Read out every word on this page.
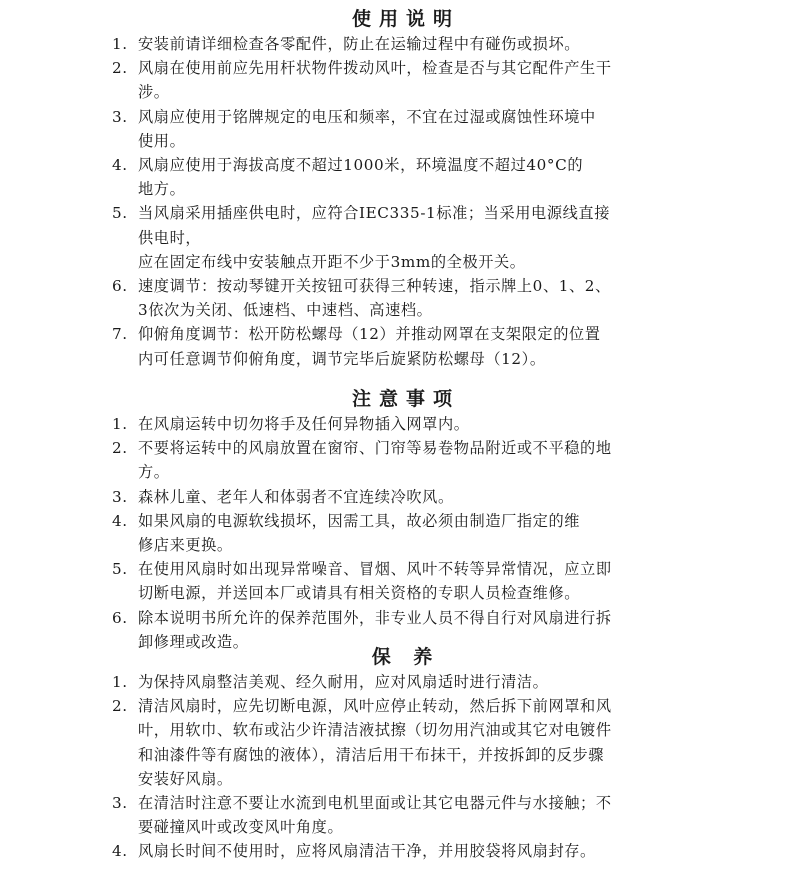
使用说明
1. 安装前请详细检查各零配件，防止在运输过程中有碰伤或损坏。
2. 风扇在使用前应先用杆状物件拨动风叶，检查是否与其它配件产生干
涉。
3. 风扇应使用于铭牌规定的电压和频率，不宜在过湿或腐蚀性环境中
使用。
4. 风扇应使用于海拔高度不超过1000米，环境温度不超过40°C的
地方。
5. 当风扇采用插座供电时，应符合IEC335-1标准；当采用电源线直接
供电时，
应在固定布线中安装触点开距不少于3mm的全极开关。
6. 速度调节：按动琴键开关按钮可获得三种转速，指示牌上0、1、2、
3依次为关闭、低速档、中速档、高速档。
7. 仰俯角度调节：松开防松螺母（12）并推动网罩在支架限定的位置
内可任意调节仰俯角度，调节完毕后旋紧防松螺母（12）。
注意事项
1. 在风扇运转中切勿将手及任何异物插入网罩内。
2. 不要将运转中的风扇放置在窗帘、门帘等易卷物品附近或不平稳的地
方。
3. 森林儿童、老年人和体弱者不宜连续冷吹风。
4. 如果风扇的电源软线损坏，因需工具，故必须由制造厂指定的维
修店来更换。
5. 在使用风扇时如出现异常噪音、冒烟、风叶不转等异常情况，应立即
切断电源，并送回本厂或请具有相关资格的专职人员检查维修。
6. 除本说明书所允许的保养范围外，非专业人员不得自行对风扇进行拆
卸修理或改造。
保 养
1. 为保持风扇整洁美观、经久耐用，应对风扇适时进行清洁。
2. 清洁风扇时，应先切断电源，风叶应停止转动，然后拆下前网罩和风
叶，用软巾、软布或沾少许清洁液拭擦（切勿用汽油或其它对电镀件
和油漆件等有腐蚀的液体），清洁后用干布抹干，并按拆卸的反步骤
安装好风扇。
3. 在清洁时注意不要让水流到电机里面或让其它电器元件与水接触；不
要碰撞风叶或改变风叶角度。
4. 风扇长时间不使用时，应将风扇清洁干净，并用胶袋将风扇封存。
